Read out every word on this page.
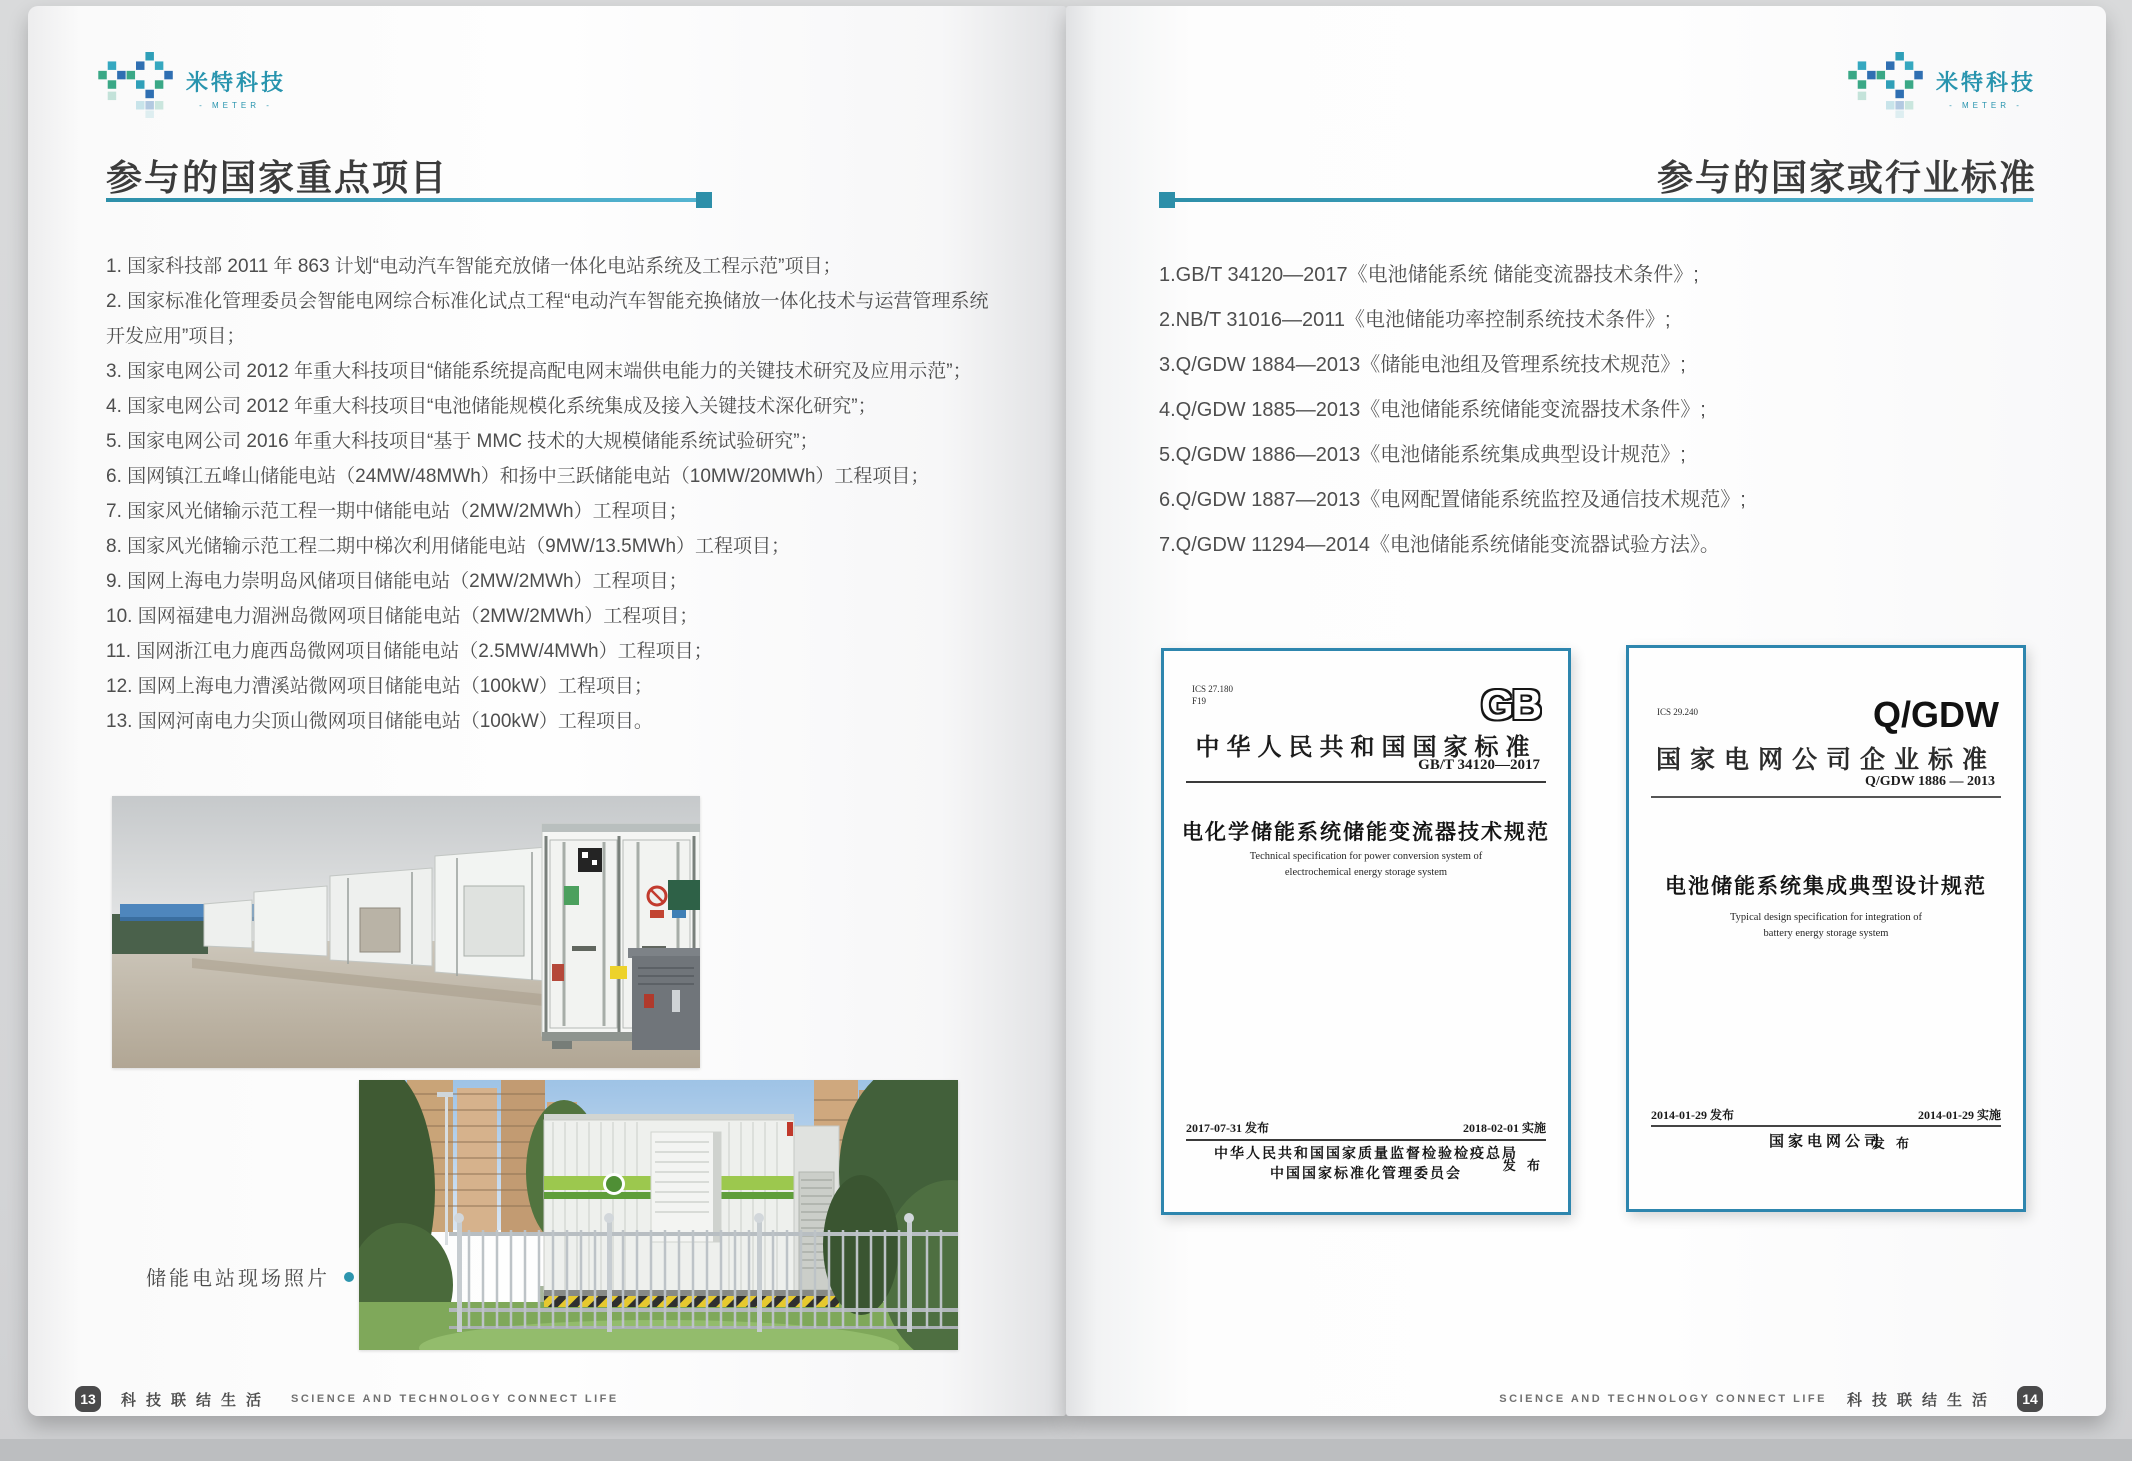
米特科技
- METER -
参与的国家重点项目
1. 国家科技部 2011 年 863 计划“电动汽车智能充放储一体化电站系统及工程示范”项目；
2. 国家标准化管理委员会智能电网综合标准化试点工程“电动汽车智能充换储放一体化技术与运营管理系统开发应用”项目；
3. 国家电网公司 2012 年重大科技项目“储能系统提高配电网末端供电能力的关键技术研究及应用示范”；
4. 国家电网公司 2012 年重大科技项目“电池储能规模化系统集成及接入关键技术深化研究”；
5. 国家电网公司 2016 年重大科技项目“基于 MMC 技术的大规模储能系统试验研究”；
6. 国网镇江五峰山储能电站（24MW/48MWh）和扬中三跃储能电站（10MW/20MWh）工程项目；
7. 国家风光储输示范工程一期中储能电站（2MW/2MWh）工程项目；
8. 国家风光储输示范工程二期中梯次利用储能电站（9MW/13.5MWh）工程项目；
9. 国网上海电力崇明岛风储项目储能电站（2MW/2MWh）工程项目；
10. 国网福建电力湄洲岛微网项目储能电站（2MW/2MWh）工程项目；
11. 国网浙江电力鹿西岛微网项目储能电站（2.5MW/4MWh）工程项目；
12. 国网上海电力漕溪站微网项目储能电站（100kW）工程项目；
13. 国网河南电力尖顶山微网项目储能电站（100kW）工程项目。
储能电站现场照片
13	科技联结生活 SCIENCE AND TECHNOLOGY CONNECT LIFE
米特科技
- METER -
参与的国家或行业标准
1.GB/T 34120—2017《电池储能系统 储能变流器技术条件》;
2.NB/T 31016—2011《电池储能功率控制系统技术条件》;
3.Q/GDW 1884—2013《储能电池组及管理系统技术规范》;
4.Q/GDW 1885—2013《电池储能系统储能变流器技术条件》;
5.Q/GDW 1886—2013《电池储能系统集成典型设计规范》;
6.Q/GDW 1887—2013《电网配置储能系统监控及通信技术规范》;
7.Q/GDW 11294—2014《电池储能系统储能变流器试验方法》。
ICS 27.180
F19	GB
中华人民共和国国家标准
GB/T 34120—2017
电化学储能系统储能变流器技术规范
Technical specification for power conversion system of
electrochemical energy storage system
2017-07-31 发布	2018-02-01 实施
中华人民共和国国家质量监督检验检疫总局
中国国家标准化管理委员会
发 布
ICS 29.240	Q/GDW
国家电网公司企业标准
Q/GDW 1886 — 2013
电池储能系统集成典型设计规范
Typical design specification for integration of
battery energy storage system
2014-01-29 发布	2014-01-29 实施
国家电网公司
发 布
SCIENCE AND TECHNOLOGY CONNECT LIFE 科技联结生活	14
